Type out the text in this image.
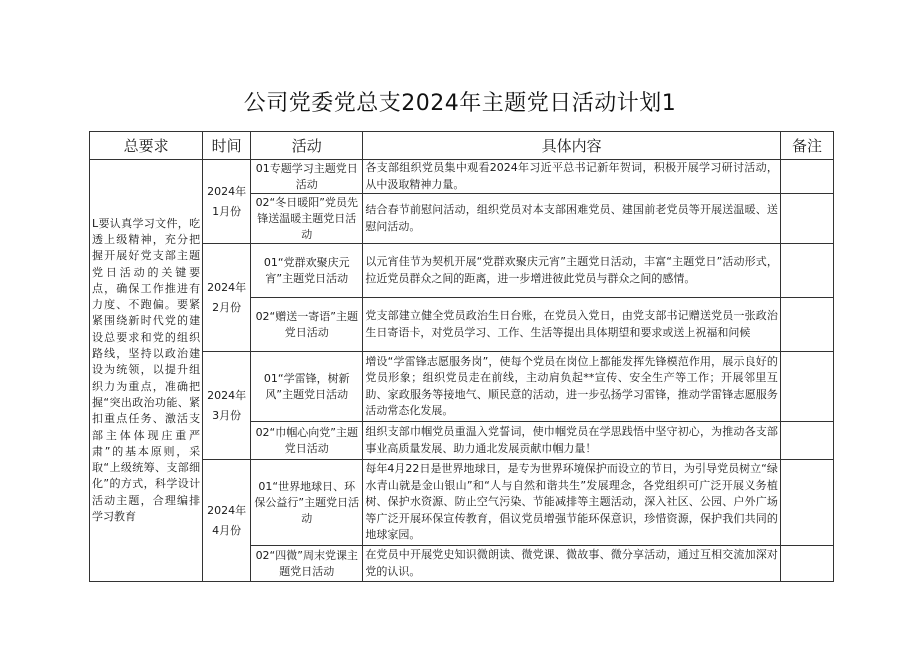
公司党委党总支2024年主题党日活动计划1
总要求	时间	活动	具体内容	备注
L要认真学习文件，吃透上级精神，充分把握开展好党支部主题党日活动的关键要点，确保工作推进有力度、不跑偏。要紧紧围绕新时代党的建设总要求和党的组织路线，坚持以政治建设为统领，以提升组织力为重点，准确把握“突出政治功能、紧扣重点任务、激活支部主体体现庄重严肃”的基本原则，采取“上级统筹、支部细化”的方式，科学设计活动主题，合理编排学习教育	2024年1月份	01专题学习主题党日活动	各支部组织党员集中观看2024年习近平总书记新年贺词，积极开展学习研讨活动，从中汲取精神力量。	
		02“冬日暖阳”党员先锋送温暖主题党日活动	结合春节前慰问活动，组织党员对本支部困难党员、建国前老党员等开展送温暖、送慰问活动。	
	2024年2月份	01“党群欢聚庆元宵”主题党日活动	以元宵佳节为契机开展“党群欢聚庆元宵”主题党日活动，丰富“主题党日”活动形式，拉近党员群众之间的距离，进一步增进彼此党员与群众之间的感情。	
		02“赠送一寄语”主题党日活动	党支部建立健全党员政治生日台账，在党员入党日，由党支部书记赠送党员一张政治生日寄语卡，对党员学习、工作、生活等提出具体期望和要求或送上祝福和问候	
	2024年3月份	01“学雷锋，树新风”主题党日活动	增设“学雷锋志愿服务岗”，使每个党员在岗位上都能发挥先锋模范作用，展示良好的党员形象；组织党员走在前线，主动肩负起**宣传、安全生产等工作；开展邻里互助、家政服务等接地气、顺民意的活动，进一步弘扬学习雷锋，推动学雷锋志愿服务活动常态化发展。	
		02“巾帼心向党”主题党日活动	组织支部巾帼党员重温入党誓词，使巾帼党员在学思践悟中坚守初心，为推动各支部事业高质量发展、助力通北发展贡献巾帼力量！	
	2024年4月份	01“世界地球日、环保公益行”主题党日活动	每年4月22日是世界地球日，是专为世界环境保护而设立的节日，为引导党员树立“绿水青山就是金山银山”和“人与自然和谐共生”发展理念，各党组织可广泛开展义务植树、保护水资源、防止空气污染、节能减排等主题活动，深入社区、公园、户外广场等广泛开展环保宣传教育，倡议党员增强节能环保意识，珍惜资源，保护我们共同的地球家园。	
		02“四微”周末党课主题党日活动	在党员中开展党史知识微朗读、微党课、微故事、微分享活动，通过互相交流加深对党的认识。	
